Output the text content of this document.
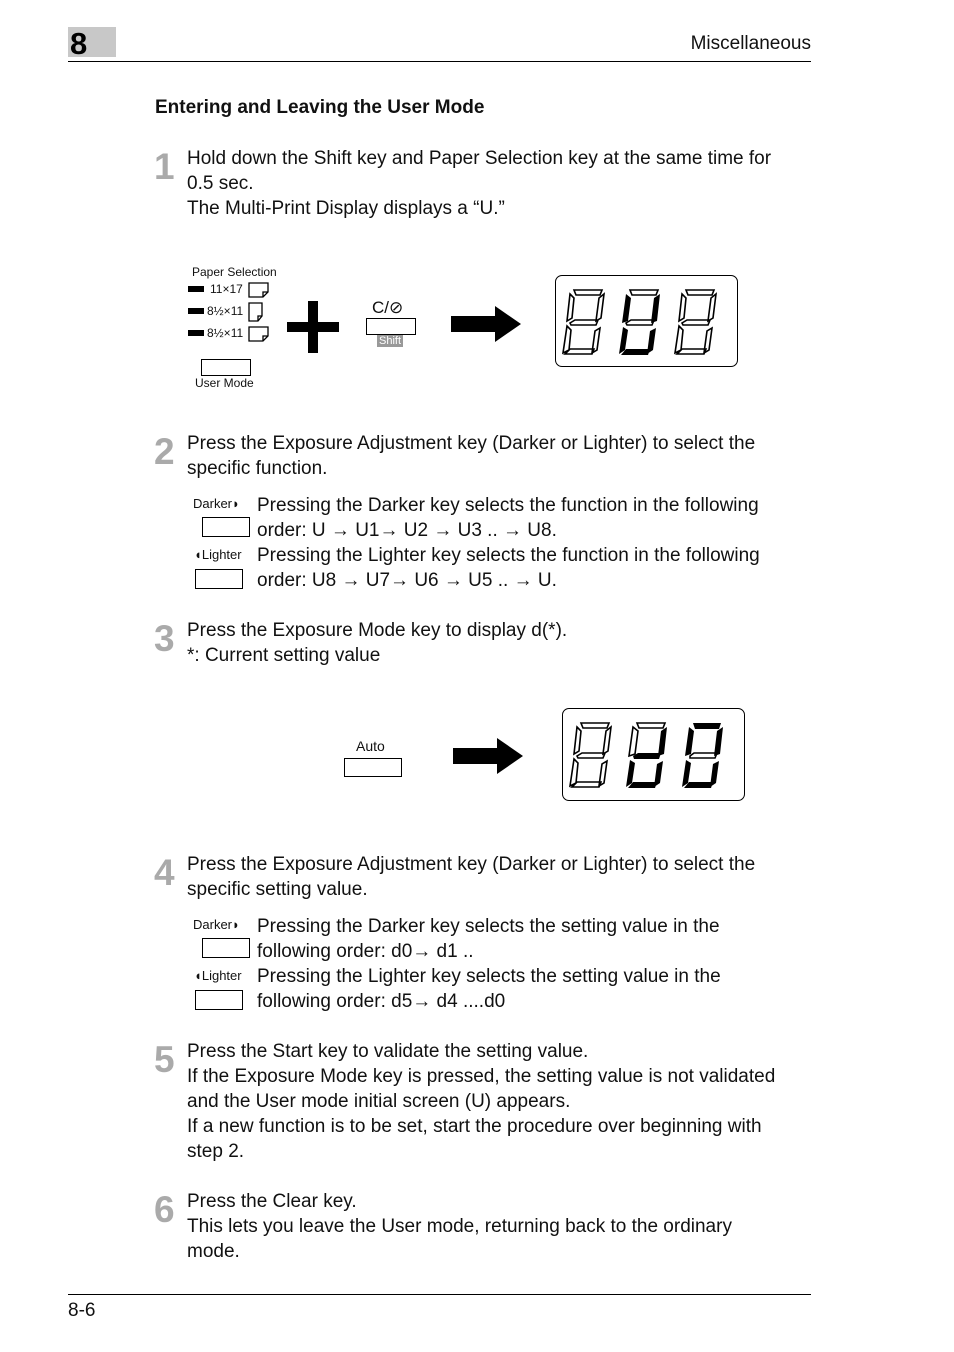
8	Miscellaneous
Entering and Leaving the User Mode
1 Hold down the Shift key and Paper Selection key at the same time for
0.5 sec.
The Multi-Print Display displays a “U.”
Paper Selection
11×17
8½×11
8½×11
User Mode
C/⊘
Shift
2 Press the Exposure Adjustment key (Darker or Lighter) to select the
specific function.
Darker◗ Pressing the Darker key selects the function in the following
order: U → U1→ U2 → U3 .. → U8.
◖Lighter Pressing the Lighter key selects the function in the following
order: U8 → U7→ U6 → U5 .. → U.
3 Press the Exposure Mode key to display d(*).
*: Current setting value
Auto
4 Press the Exposure Adjustment key (Darker or Lighter) to select the
specific setting value.
Darker◗ Pressing the Darker key selects the setting value in the
following order: d0→ d1 ..
◖Lighter Pressing the Lighter key selects the setting value in the
following order: d5→ d4 ....d0
5 Press the Start key to validate the setting value.
If the Exposure Mode key is pressed, the setting value is not validated
and the User mode initial screen (U) appears.
If a new function is to be set, start the procedure over beginning with
step 2.
6 Press the Clear key.
This lets you leave the User mode, returning back to the ordinary
mode.
8-6
